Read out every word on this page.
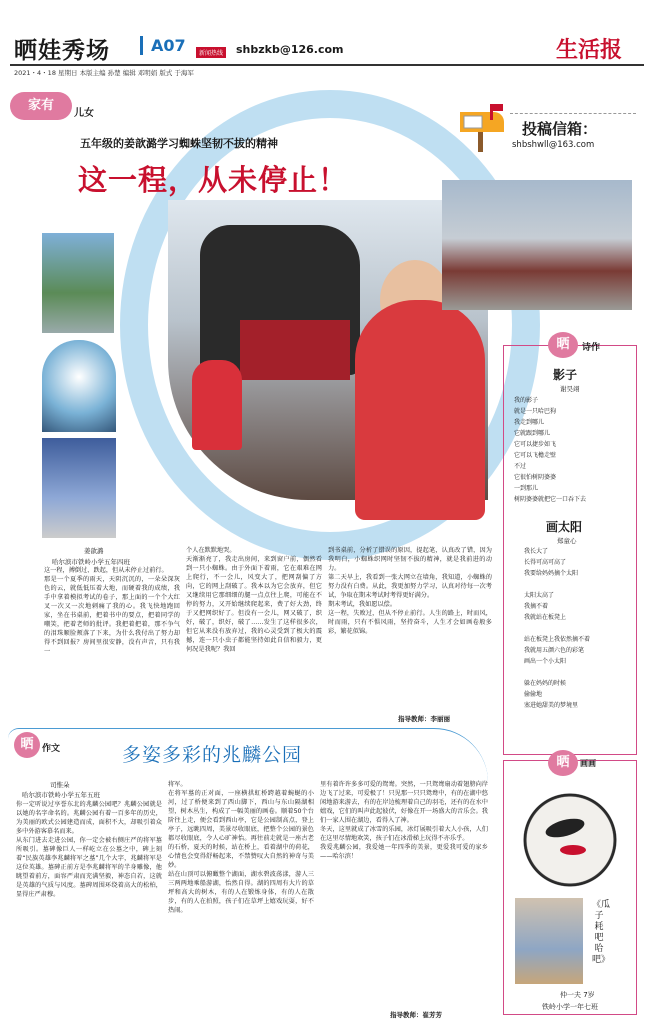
晒娃秀场	A07	新闻热线 shbzkb@126.com	生活报
2021・4・18 星期日 本版主编 孙楚 编辑 邓明娟 版式 于海军
家有
儿女
五年级的姜歆潞学习蜘蛛坚韧不拔的精神
这一程，从未停止！
投稿信箱：
shbshwll@163.com
晒	诗作
影子
谢昊翊
我的影子
就是一只哈巴狗
我走到哪儿
它就跟到哪儿
它可以捷步如飞
它可以飞檐走壁
不过
它很怕树阴婆婆
一到那儿
树阴婆婆就把它一口吞下去
画太阳
郑童心
我长大了
长得可高可高了
我要给妈妈摘个太阳

太阳太高了
我摘不着
我就站在板凳上

站在板凳上我依然摘不着
我就用五颜六色的彩笔
画出一个小太阳

躲在妈妈的时候
偷偷地
塞进她甜美的梦境里
姜歆潞
哈尔滨市铁岭小学五年四班
这一程，搏倒过、跌起，但从未停止过前行。
那是一个夏季的雨天，天阴沉沉的，一朵朵深灰色的云，就低低压着大地，而硬着我的成绩，我手中拿着模拟考试的卷子，那上面的一个个大红叉一次又一次地刺痛了我的心。我飞快地跑回家，坐在书桌前，把着书中的要点，把着同学的嘲笑，把着老师的批评。我把着把着，那不争气的泪珠顺脸颊落了下来，为什么我付出了努力却得不到回报？房间里很安静，没有声音，只有我一
个人在默默地哭。
天渐渐亮了，我走出房间，来到窗户前，偶然看到一只小蜘蛛。由于外面下着雨，它在艰难在网上爬行，不一会儿，风变大了，把网刮偏了方向，它的网上刮破了。我本以为它会放弃，但它又继续用它那细细的腿一点点往上爬，可能在不停的努力，又开始继续爬起来，费了好大劲，终于又把网织好了。但没有一会儿，网又破了，织好，破了，织好，破了……发生了这样很多次，但它从来没有放弃过，我的心灵受到了极大的震撼，连一只小虫子都能坚持如此自信和毅力，更何况是我呢？我回
到书桌前，分析了错误的原因，提起笔，认真改了错，因为我明白，小蜘蛛织网时坚韧不拔的精神，就是我前进的动力。
第二天早上，我看到一张大网立在墙角，我知道，小蜘蛛的努力没有白费。从此，我更加努力学习，认真对待每一次考试，争取在期末考试时考得更好满分。
期末考试，我如愿以偿。
这一程，失败过，但从不停止前行。人生的路上，时而风，时而雨，只有不惧风雨，坚持奋斗，人生才会如画卷般多彩，繁花似锦。
指导教师：李丽丽
晒 作文	多姿多彩的兆麟公园
司惟朵
哈尔滨市铁岭小学五年五班
你一定听说过享誉东北的兆麟公园吧？兆麟公园就是以她的名字命名的。兆麟公园有着一百多年的历史，为美丽的欧式公园建造而成，面积不大，却吸引着众多中外游客慕名而来。
从东门进去走进公园，你一定会被右侧庄严的将军墓所吸引。墓碑像巨人一样屹立在公墓之中，碑上刻着“民族英雄李兆麟将军之墓”几个大字，兆麟将军是这位英雄。墓碑正前方是李兆麟将军的半身雕像，他眺望着前方，面容严肃而充满坚毅，神态自若，这就是英雄的气质与风度。墓碑周围环绕着高大的松柏，显得庄严肃穆。
将军。
在将军墓的正对面，一座横拱虹桥跨越着蜿蜒的小河，过了桥便来到了西山脚下，西山与东山隔湖相望，树木丛生，构成了一幅美丽的画卷。顺着50个台阶往上走，便会看到西山亭，它是公园制高点，登上亭子，远眺四周，美景尽收眼底，把整个公园的景色都尽收眼底，令人心旷神怡。再往前走就是一座古老的石桥，夏天的时候，站在桥上，看着湖中的荷花，心情也会变得舒畅起来，不禁赞叹大自然的神奇与美妙。
站在山顶可以俯瞰整个湖面，湖水碧波荡漾，游人三三两两地乘船游湖，怡然自得。湖的四周有大片的草坪和高大的树木，有的人在锻炼身体，有的人在散步，有的人在拍照，孩子们在草坪上嬉戏玩耍，好不热闹。
里有着许许多多可爱的鸳鸯。突然，一只鸳鸯扇动着翅膀向岸边飞了过来，可爱极了！只见那一只只鸳鸯中，有的在湖中悠闲地游来游去，有的在岸边梳理着自己的羽毛，还有的在水中嬉戏，它们的叫声此起彼伏，好像在开一场盛大的音乐会。我们一家人围在湖边，看得入了神。
冬天，这里就成了冰雪的乐园，冰灯展吸引着大人小孩，人们在这里尽情地欢笑，孩子们在冰滑梯上玩得不亦乐乎。
我爱兆麟公园，我爱她一年四季的美景，更爱我可爱的家乡——哈尔滨！
指导教师：崔芳芳
晒	画画
《瓜子耗吧 哈吧》
仲一夫 7岁
铁岭小学一年七班
